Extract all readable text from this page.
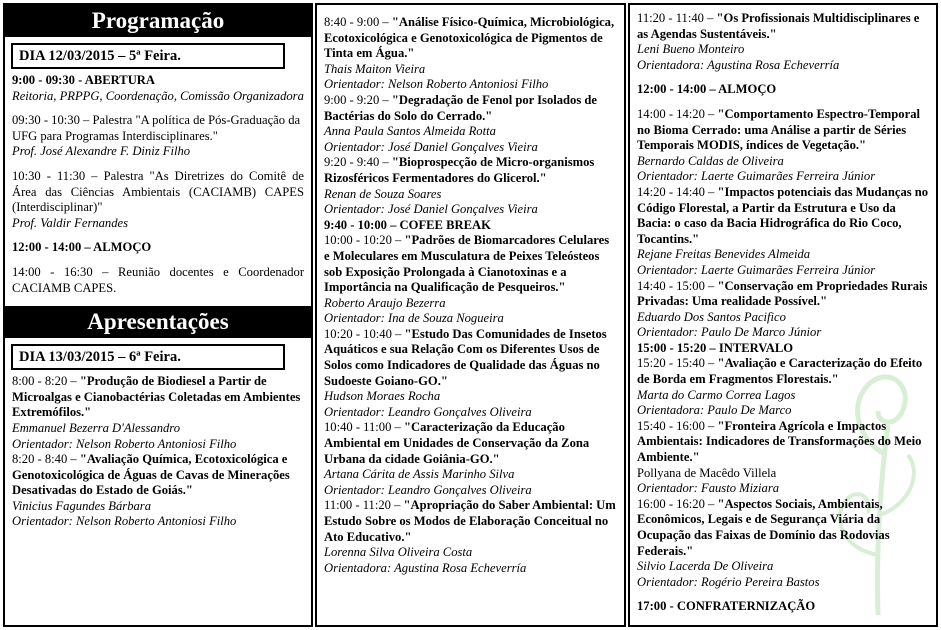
Programação
DIA 12/03/2015 – 5ª Feira.
9:00 - 09:30 - ABERTURA
Reitoria, PRPPG, Coordenação, Comissão Organizadora
09:30 - 10:30 – Palestra "A política de Pós-Graduação da UFG para Programas Interdisciplinares."
Prof. José Alexandre F. Diniz Filho
10:30 - 11:30 – Palestra "As Diretrizes do Comitê de Área das Ciências Ambientais (CACIAMB) CAPES (Interdisciplinar)"
Prof. Valdir Fernandes
12:00 - 14:00 – ALMOÇO
14:00 - 16:30 – Reunião docentes e Coordenador CACIAMB CAPES.
Apresentações
DIA 13/03/2015 – 6ª Feira.
8:00 - 8:20 – "Produção de Biodiesel a Partir de Microalgas e Cianobactérias Coletadas em Ambientes Extremófilos."
Emmanuel Bezerra D'Alessandro
Orientador: Nelson Roberto Antoniosi Filho
8:20 - 8:40 – "Avaliação Química, Ecotoxicológica e Genotoxicológica de Águas de Cavas de Minerações Desativadas do Estado de Goiás."
Vinicius Fagundes Bárbara
Orientador: Nelson Roberto Antoniosi Filho
8:40 - 9:00 – "Análise Físico-Química, Microbiológica, Ecotoxicológica e Genotoxicológica de Pigmentos de Tinta em Água."
Thais Maiton Vieira
Orientador: Nelson Roberto Antoniosi Filho
9:00 - 9:20 – "Degradação de Fenol por Isolados de Bactérias do Solo do Cerrado."
Anna Paula Santos Almeida Rotta
Orientador: José Daniel Gonçalves Vieira
9:20 - 9:40 – "Bioprospecção de Micro-organismos Rizosféricos Fermentadores do Glicerol."
Renan de Souza Soares
Orientador: José Daniel Gonçalves Vieira
9:40 - 10:00 – COFEE BREAK
10:00 - 10:20 – "Padrões de Biomarcadores Celulares e Moleculares em Musculatura de Peixes Teleósteos sob Exposição Prolongada à Cianotoxinas e a Importância na Qualificação de Pesqueiros."
Roberto Araujo Bezerra
Orientador: Ina de Souza Nogueira
10:20 - 10:40 – "Estudo Das Comunidades de Insetos Aquáticos e sua Relação Com os Diferentes Usos de Solos como Indicadores de Qualidade das Águas no Sudoeste Goiano-GO."
Hudson Moraes Rocha
Orientador: Leandro Gonçalves Oliveira
10:40 - 11:00 – "Caracterização da Educação Ambiental em Unidades de Conservação da Zona Urbana da cidade Goiânia-GO."
Artana Cárita de Assis Marinho Silva
Orientador: Leandro Gonçalves Oliveira
11:00 - 11:20 – "Apropriação do Saber Ambiental: Um Estudo Sobre os Modos de Elaboração Conceitual no Ato Educativo."
Lorenna Silva Oliveira Costa
Orientadora: Agustina Rosa Echeverría
11:20 - 11:40 – "Os Profissionais Multidisciplinares e as Agendas Sustentáveis."
Leni Bueno Monteiro
Orientadora: Agustina Rosa Echeverría
12:00 - 14:00 – ALMOÇO
14:00 - 14:20 – "Comportamento Espectro-Temporal no Bioma Cerrado: uma Análise a partir de Séries Temporais MODIS, índices de Vegetação."
Bernardo Caldas de Oliveira
Orientador: Laerte Guimarães Ferreira Júnior
14:20 - 14:40 – "Impactos potenciais das Mudanças no Código Florestal, a Partir da Estrutura e Uso da Bacia: o caso da Bacia Hidrográfica do Rio Coco, Tocantins."
Rejane Freitas Benevides Almeida
Orientador: Laerte Guimarães Ferreira Júnior
14:40 - 15:00 – "Conservação em Propriedades Rurais Privadas: Uma realidade Possível."
Eduardo Dos Santos Pacifico
Orientador: Paulo De Marco Júnior
15:00 - 15:20 – INTERVALO
15:20 - 15:40 – "Avaliação e Caracterização do Efeito de Borda em Fragmentos Florestais."
Marta do Carmo Correa Lagos
Orientadora: Paulo De Marco
15:40 - 16:00 – "Fronteira Agrícola e Impactos Ambientais: Indicadores de Transformações do Meio Ambiente."
Pollyana de Macêdo Villela
Orientador: Fausto Miziara
16:00 - 16:20 – "Aspectos Sociais, Ambientais, Econômicos, Legais e de Segurança Viária da Ocupação das Faixas de Domínio das Rodovias Federais."
Silvio Lacerda De Oliveira
Orientador: Rogério Pereira Bastos
17:00 - CONFRATERNIZAÇÃO
